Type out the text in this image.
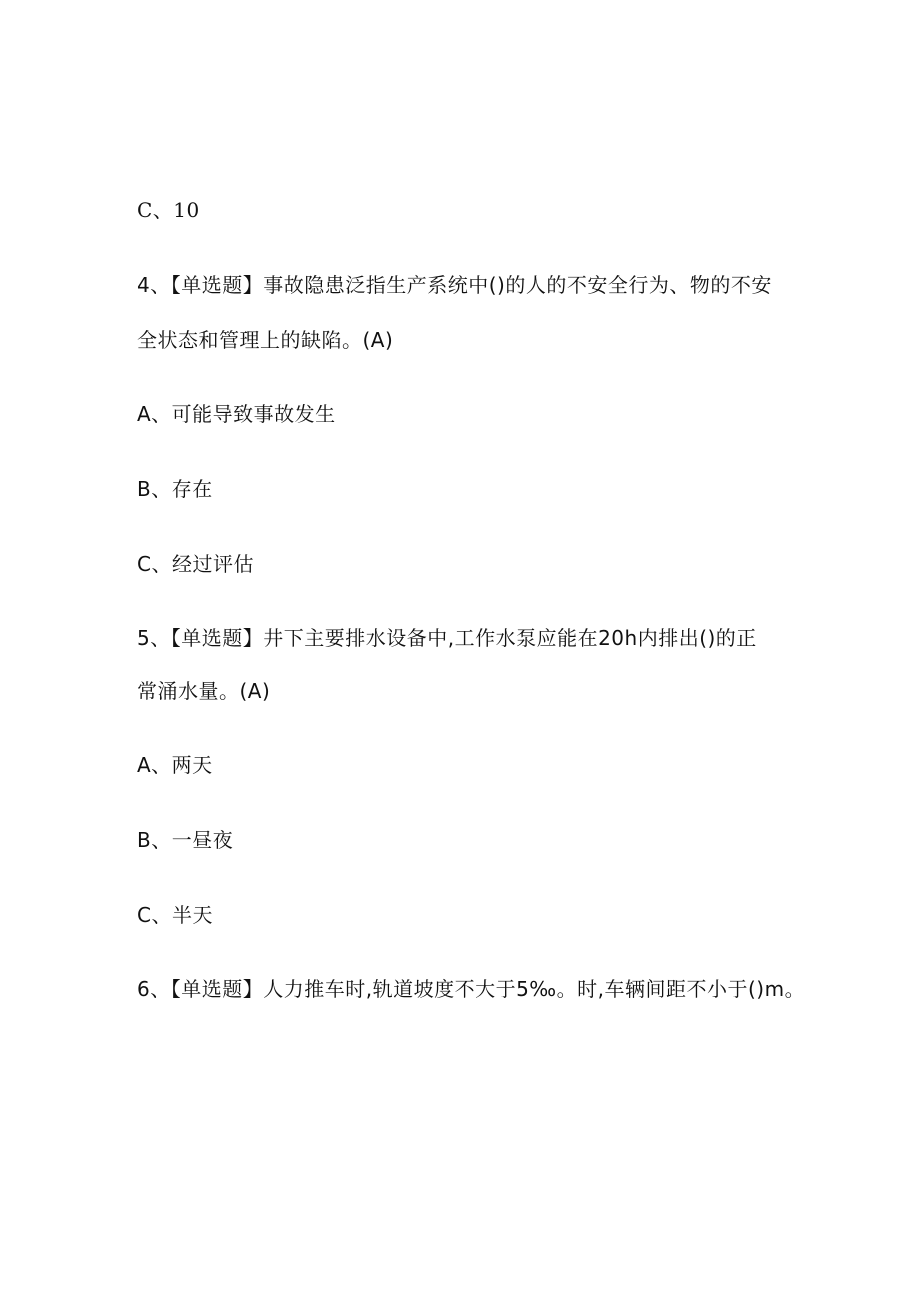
C、10
4、【单选题】事故隐患泛指生产系统中()的人的不安全行为、物的不安
全状态和管理上的缺陷。(A)
A、可能导致事故发生
B、存在
C、经过评估
5、【单选题】井下主要排水设备中,工作水泵应能在20h内排出()的正
常涌水量。(A)
A、两天
B、一昼夜
C、半天
6、【单选题】人力推车时,轨道坡度不大于5‰。时,车辆间距不小于()m。
